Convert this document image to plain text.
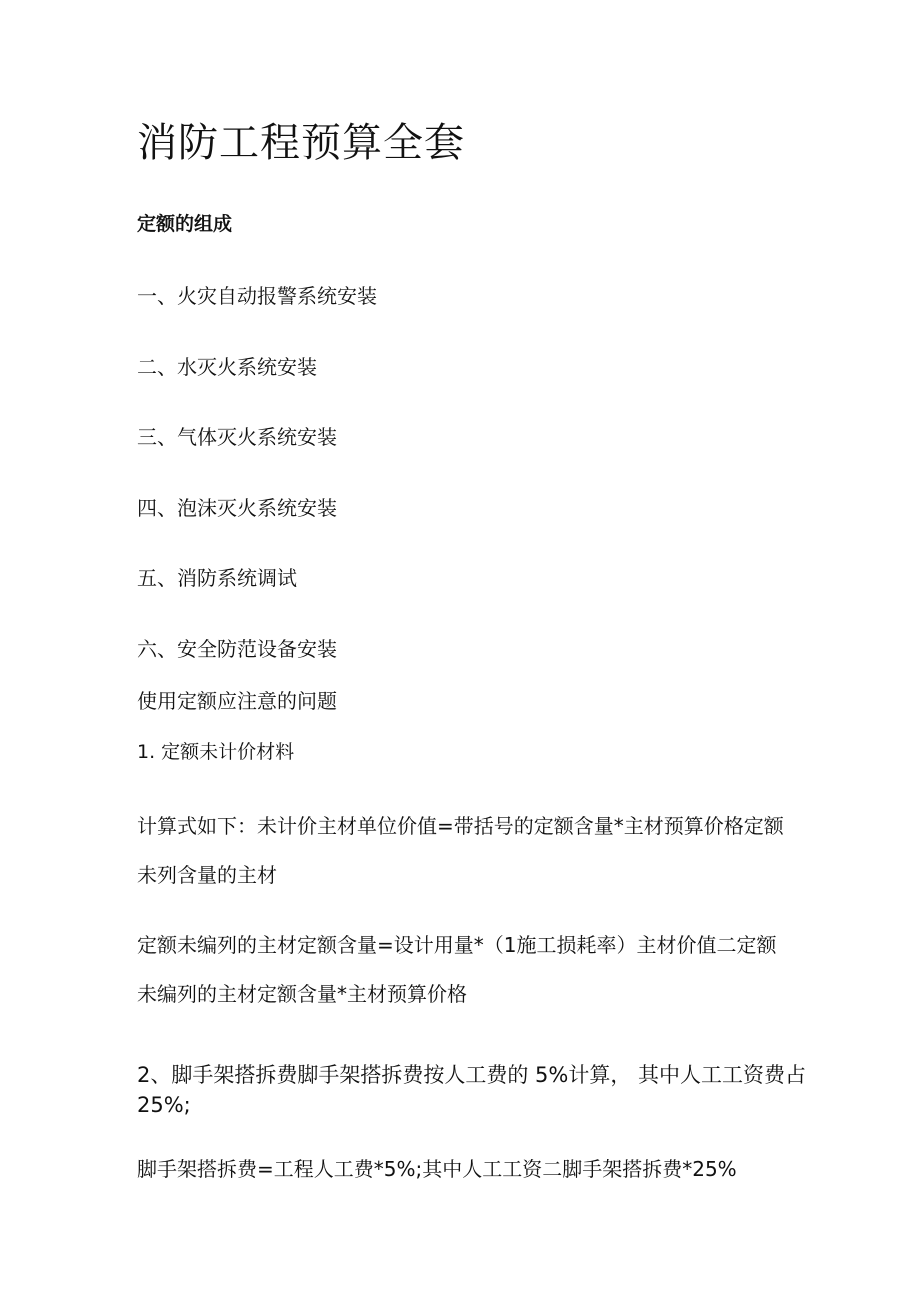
消防工程预算全套
定额的组成
一、火灾自动报警系统安装
二、水灭火系统安装
三、气体灭火系统安装
四、泡沫灭火系统安装
五、消防系统调试
六、安全防范设备安装
使用定额应注意的问题
1. 定额未计价材料
计算式如下：未计价主材单位价值=带括号的定额含量*主材预算价格定额
未列含量的主材
定额未编列的主材定额含量=设计用量*（1施工损耗率）主材价值二定额
未编列的主材定额含量*主材预算价格
2、脚手架搭拆费脚手架搭拆费按人工费的 5%计算， 其中人工工资费占
25%;
脚手架搭拆费=工程人工费*5%;其中人工工资二脚手架搭拆费*25%
